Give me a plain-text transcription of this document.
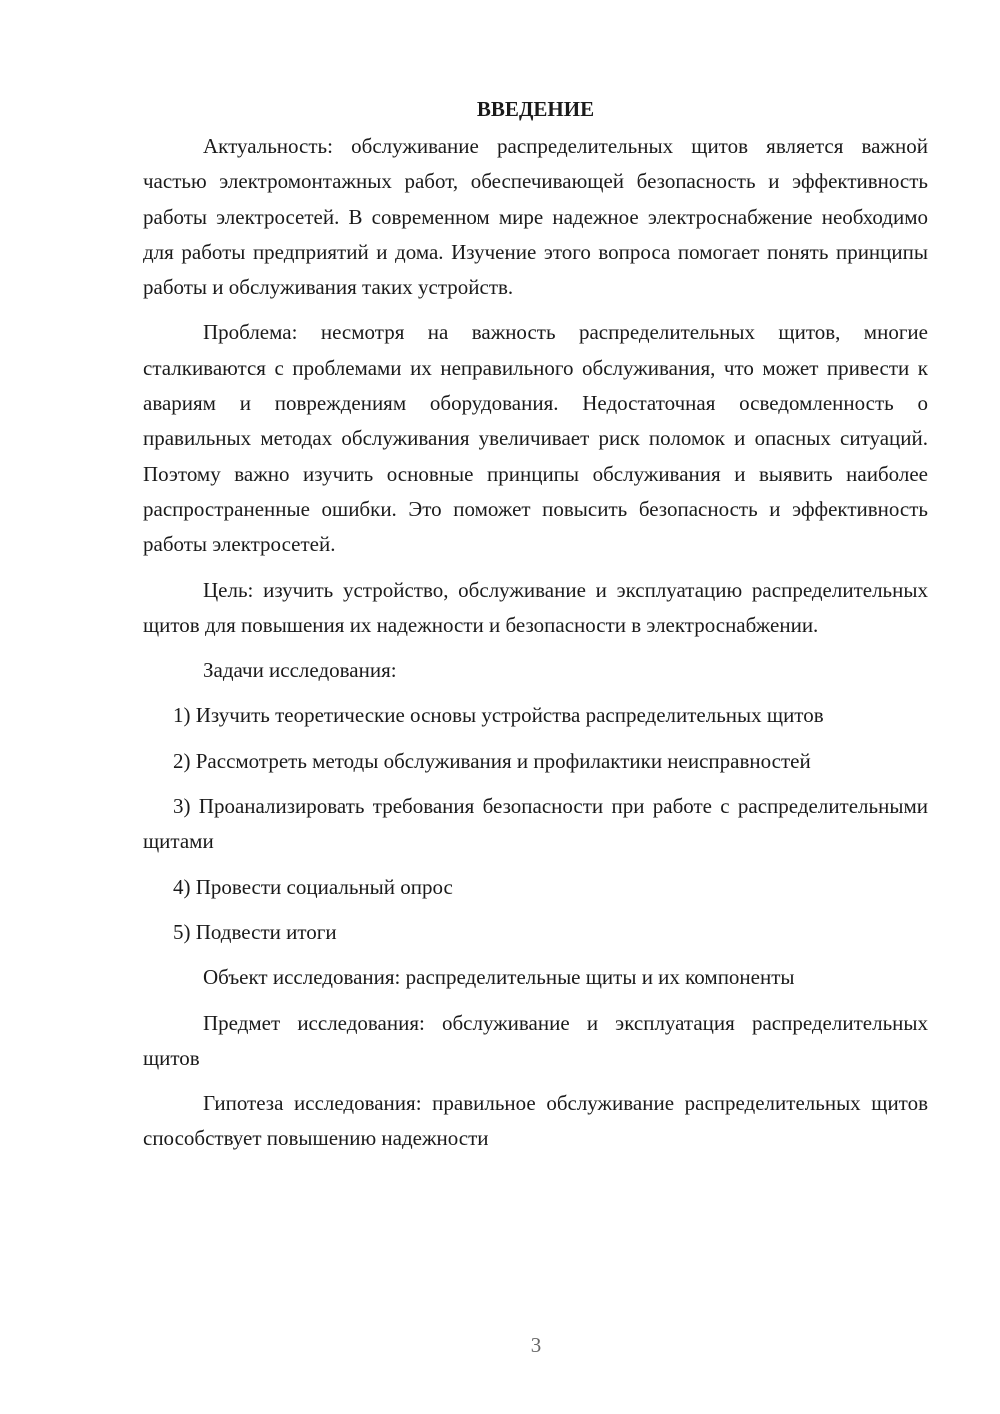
ВВЕДЕНИЕ

Актуальность: обслуживание распределительных щитов является важной частью электромонтажных работ, обеспечивающей безопасность и эффективность работы электросетей. В современном мире надежное электроснабжение необходимо для работы предприятий и дома. Изучение этого вопроса помогает понять принципы работы и обслуживания таких устройств.

Проблема: несмотря на важность распределительных щитов, многие сталкиваются с проблемами их неправильного обслуживания, что может привести к авариям и повреждениям оборудования. Недостаточная осведомленность о правильных методах обслуживания увеличивает риск поломок и опасных ситуаций. Поэтому важно изучить основные принципы обслуживания и выявить наиболее распространенные ошибки. Это поможет повысить безопасность и эффективность работы электросетей.

Цель: изучить устройство, обслуживание и эксплуатацию распределительных щитов для повышения их надежности и безопасности в электроснабжении.

Задачи исследования:

1) Изучить теоретические основы устройства распределительных щитов

2) Рассмотреть методы обслуживания и профилактики неисправностей

3) Проанализировать требования безопасности при работе с распределительными щитами

4) Провести социальный опрос

5) Подвести итоги

Объект исследования: распределительные щиты и их компоненты

Предмет исследования: обслуживание и эксплуатация распределительных щитов

Гипотеза исследования: правильное обслуживание распределительных щитов способствует повышению надежности

3
